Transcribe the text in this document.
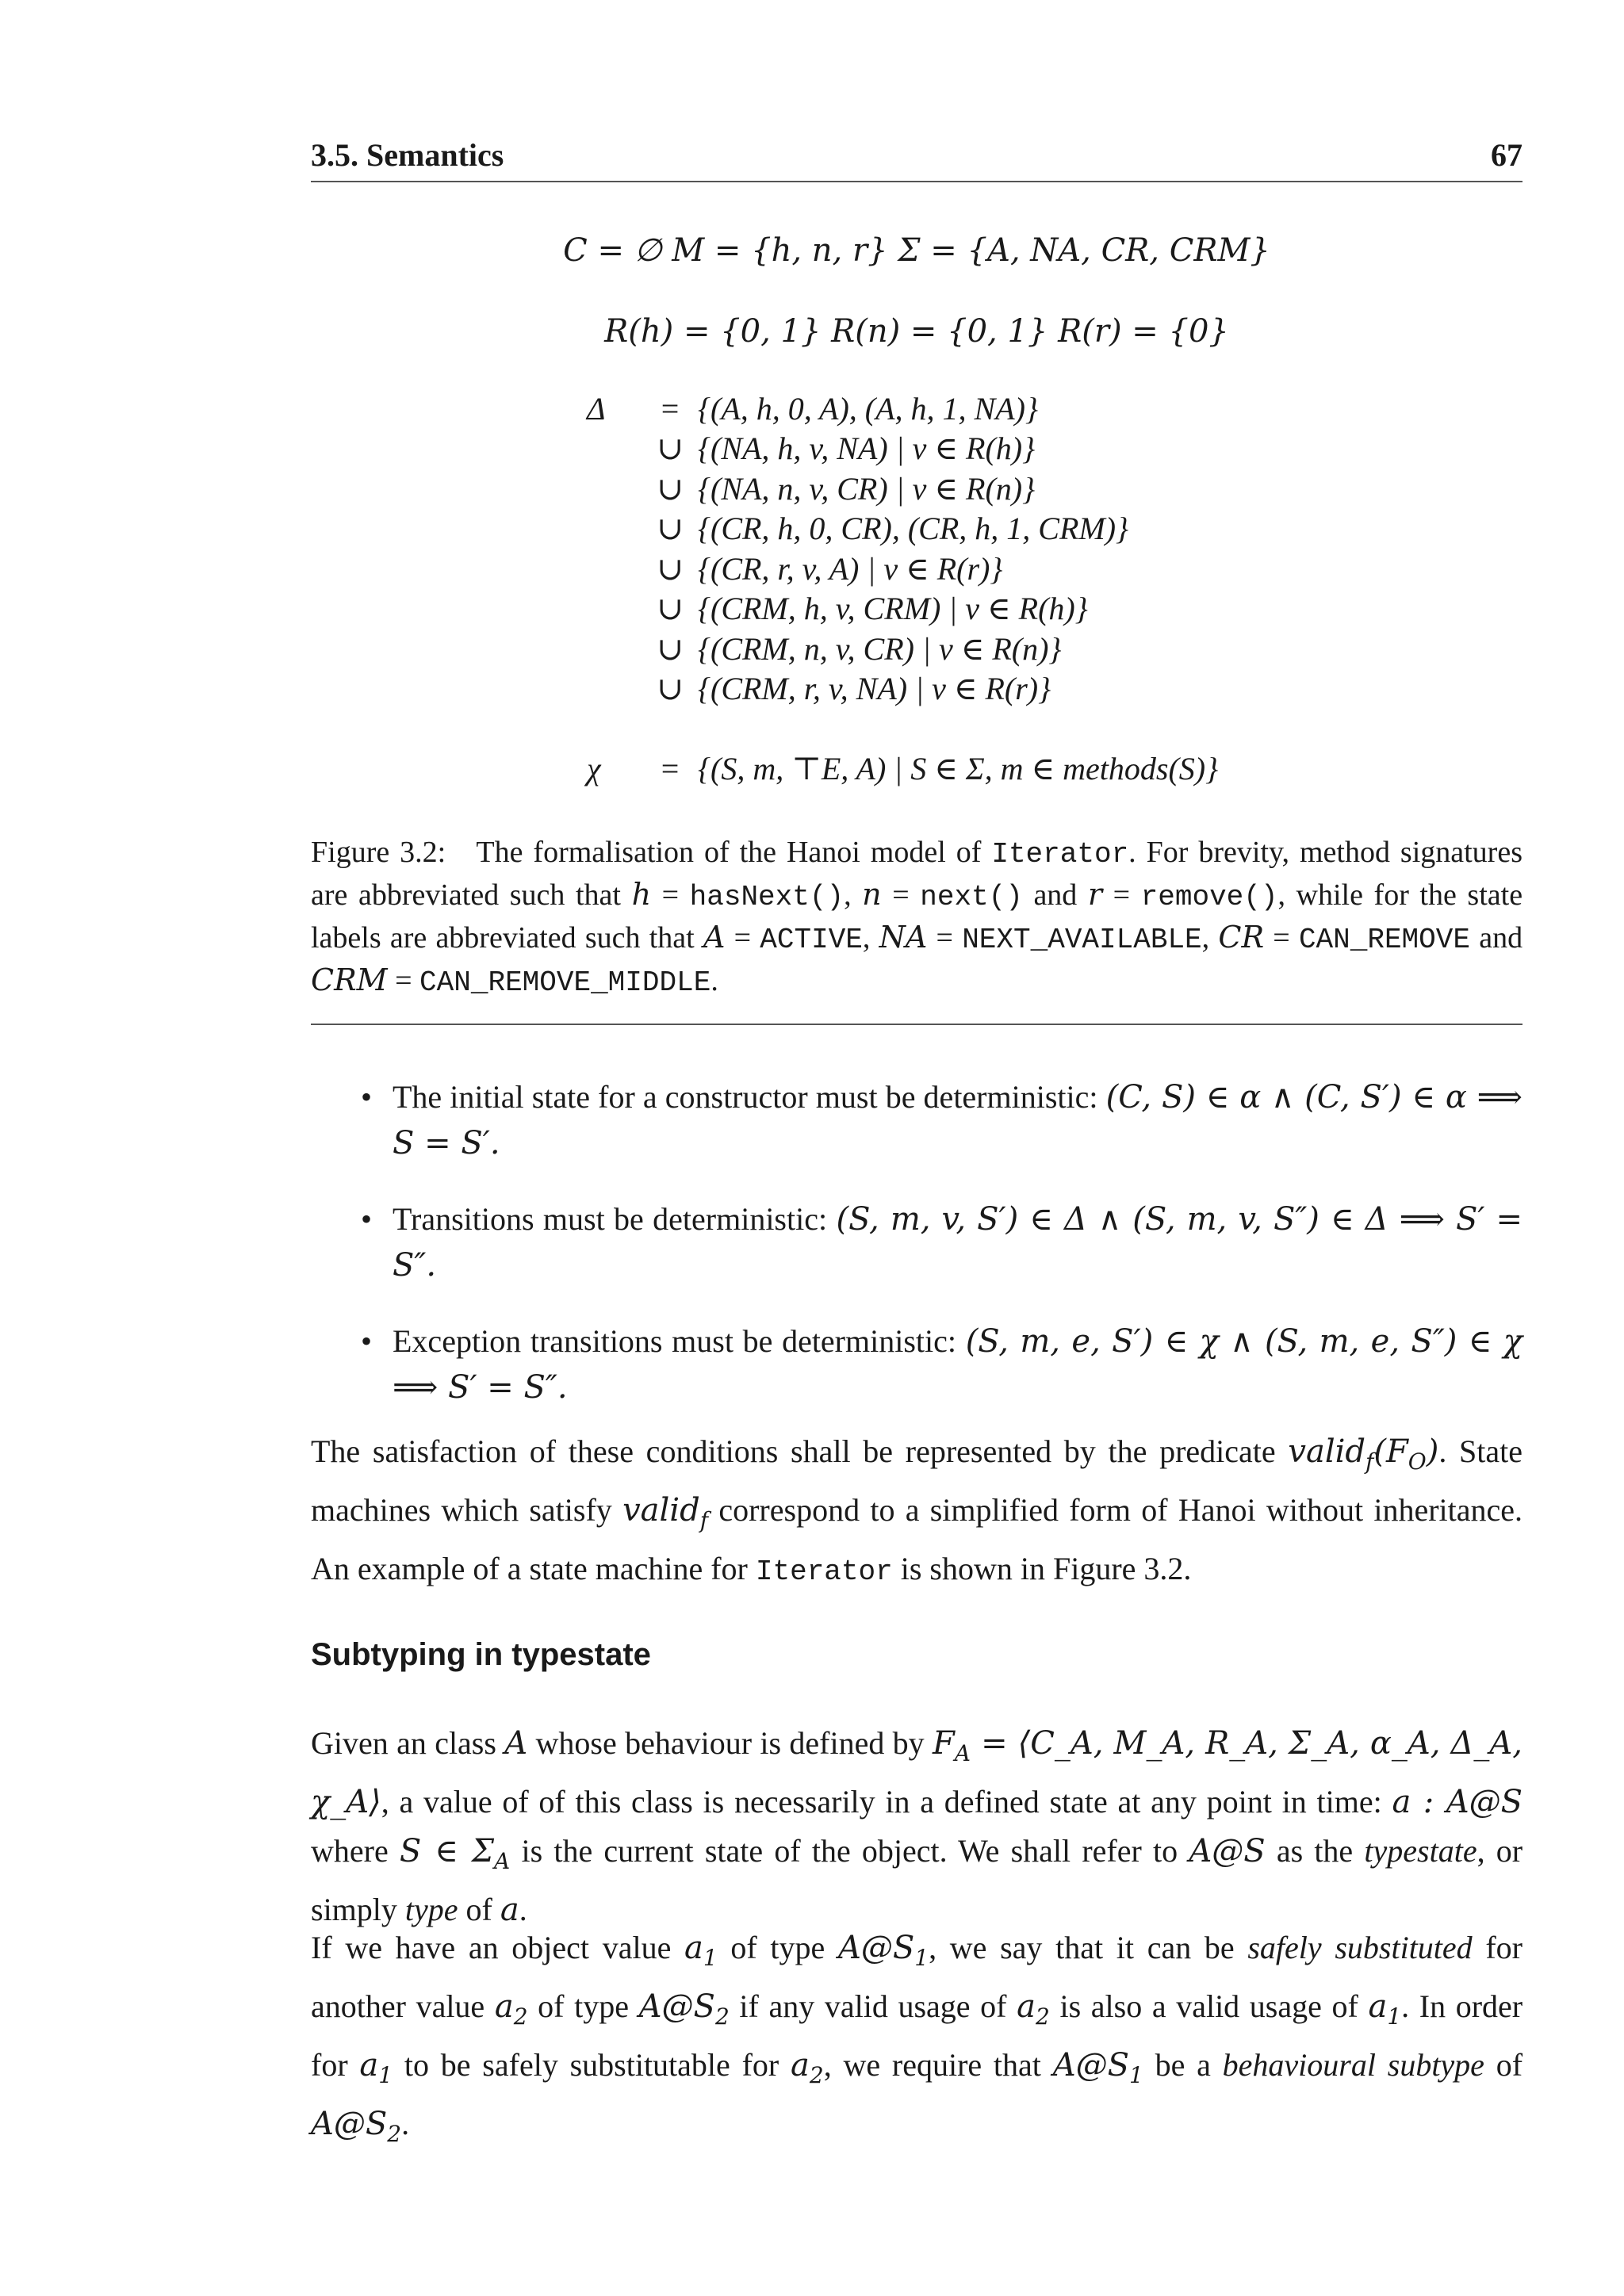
3.5. Semantics	67
C = ∅ M = {h, n, r} Σ = {A, NA, CR, CRM}
R(h) = {0, 1} R(n) = {0, 1} R(r) = {0}
Δ	= {(A, h, 0, A), (A, h, 1, NA)}
∪ {(NA, h, v, NA) | v ∈ R(h)}
∪ {(NA, n, v, CR) | v ∈ R(n)}
∪ {(CR, h, 0, CR), (CR, h, 1, CRM)}
∪ {(CR, r, v, A) | v ∈ R(r)}
∪ {(CRM, h, v, CRM) | v ∈ R(h)}
∪ {(CRM, n, v, CR) | v ∈ R(n)}
∪ {(CRM, r, v, NA) | v ∈ R(r)}
χ	= {(S, m, ⊤E, A) | S ∈ Σ, m ∈ methods(S)}
Figure 3.2: The formalisation of the Hanoi model of Iterator. For brevity, method signatures are abbreviated such that h = hasNext(), n = next() and r = remove(), while for the state labels are abbreviated such that A = ACTIVE, NA = NEXT_AVAILABLE, CR = CAN_REMOVE and CRM = CAN_REMOVE_MIDDLE.
• The initial state for a constructor must be deterministic: (C, S) ∈ α ∧ (C, S′) ∈ α ⟹ S = S′.
• Transitions must be deterministic: (S, m, v, S′) ∈ Δ ∧ (S, m, v, S″) ∈ Δ ⟹ S′ = S″.
• Exception transitions must be deterministic: (S, m, e, S′) ∈ χ ∧ (S, m, e, S″) ∈ χ ⟹ S′ = S″.
The satisfaction of these conditions shall be represented by the predicate $valid_f(F_O)$. State machines which satisfy valid$_f$ correspond to a simplified form of Hanoi without inheritance. An example of a state machine for Iterator is shown in Figure 3.2.
Subtyping in typestate
Given an class A whose behaviour is defined by $F_A$ = ⟨C_A, M_A, R_A, Σ_A, α_A, Δ_A, χ_A⟩, a value of of this class is necessarily in a defined state at any point in time: a : A@S where S ∈ $\Sigma_A$ is the current state of the object. We shall refer to A@S as the typestate, or simply type of a.
If we have an object value $a_1$ of type $A@S_1$, we say that it can be safely substituted for another value $a_2$ of type $A@S_2$ if any valid usage of $a_2$ is also a valid usage of $a_1$. In order for $a_1$ to be safely substitutable for $a_2$, we require that $A@S_1$ be a behavioural subtype of $A@S_2$.
